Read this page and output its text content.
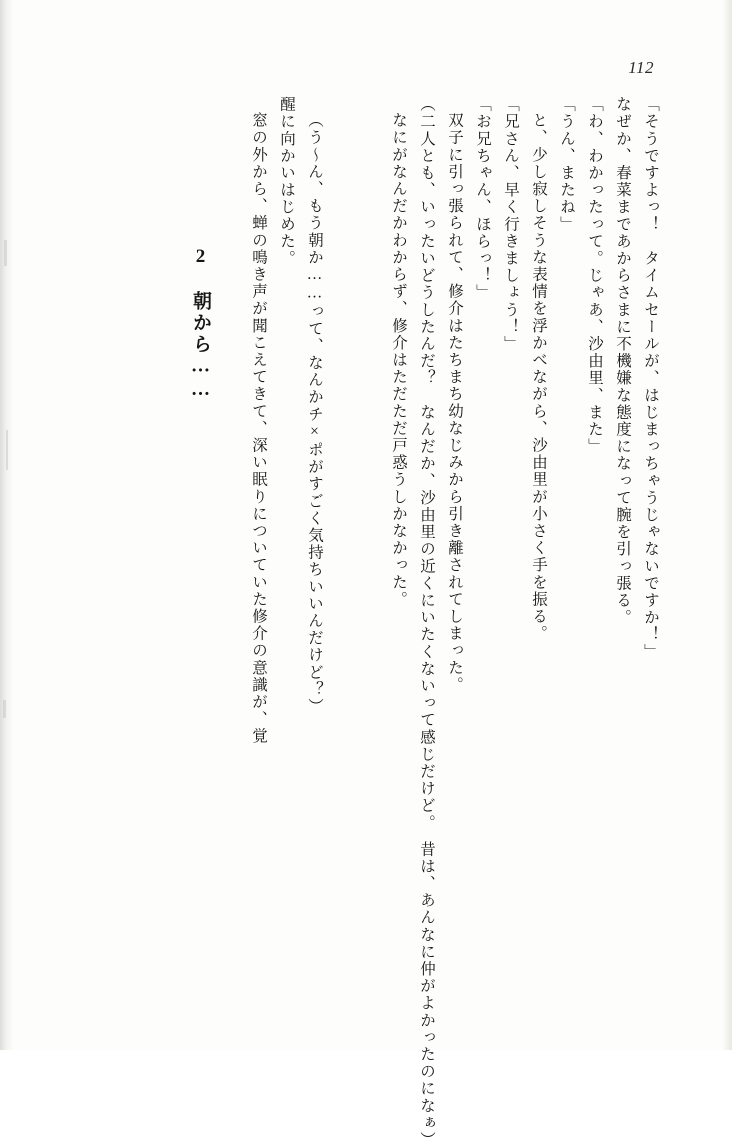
112
「そうですよっ！　タイムセールが、はじまっちゃうじゃないですか！」
なぜか、春菜まであからさまに不機嫌な態度になって腕を引っ張る。
「わ、わかったって。じゃあ、沙由里、また」
「うん、またね」
と、少し寂しそうな表情を浮かべながら、沙由里が小さく手を振る。
「兄さん、早く行きましょう！」
「お兄ちゃん、ほらっ！」
双子に引っ張られて、修介はたちまち幼なじみから引き離されてしまった。
（二人とも、いったいどうしたんだ？　なんだか、沙由里の近くにいたくないって感じだけど。　昔は、あんなに仲がよかったのになぁ）
なにがなんだかわからず、修介はただただ戸惑うしかなかった。
（う～ん、もう朝か……って、なんかチ×ポがすごく気持ちいいんだけど？）
醒に向かいはじめた。
窓の外から、蝉の鳴き声が聞こえてきて、深い眠りについていた修介の意識が、覚
2　朝から……
